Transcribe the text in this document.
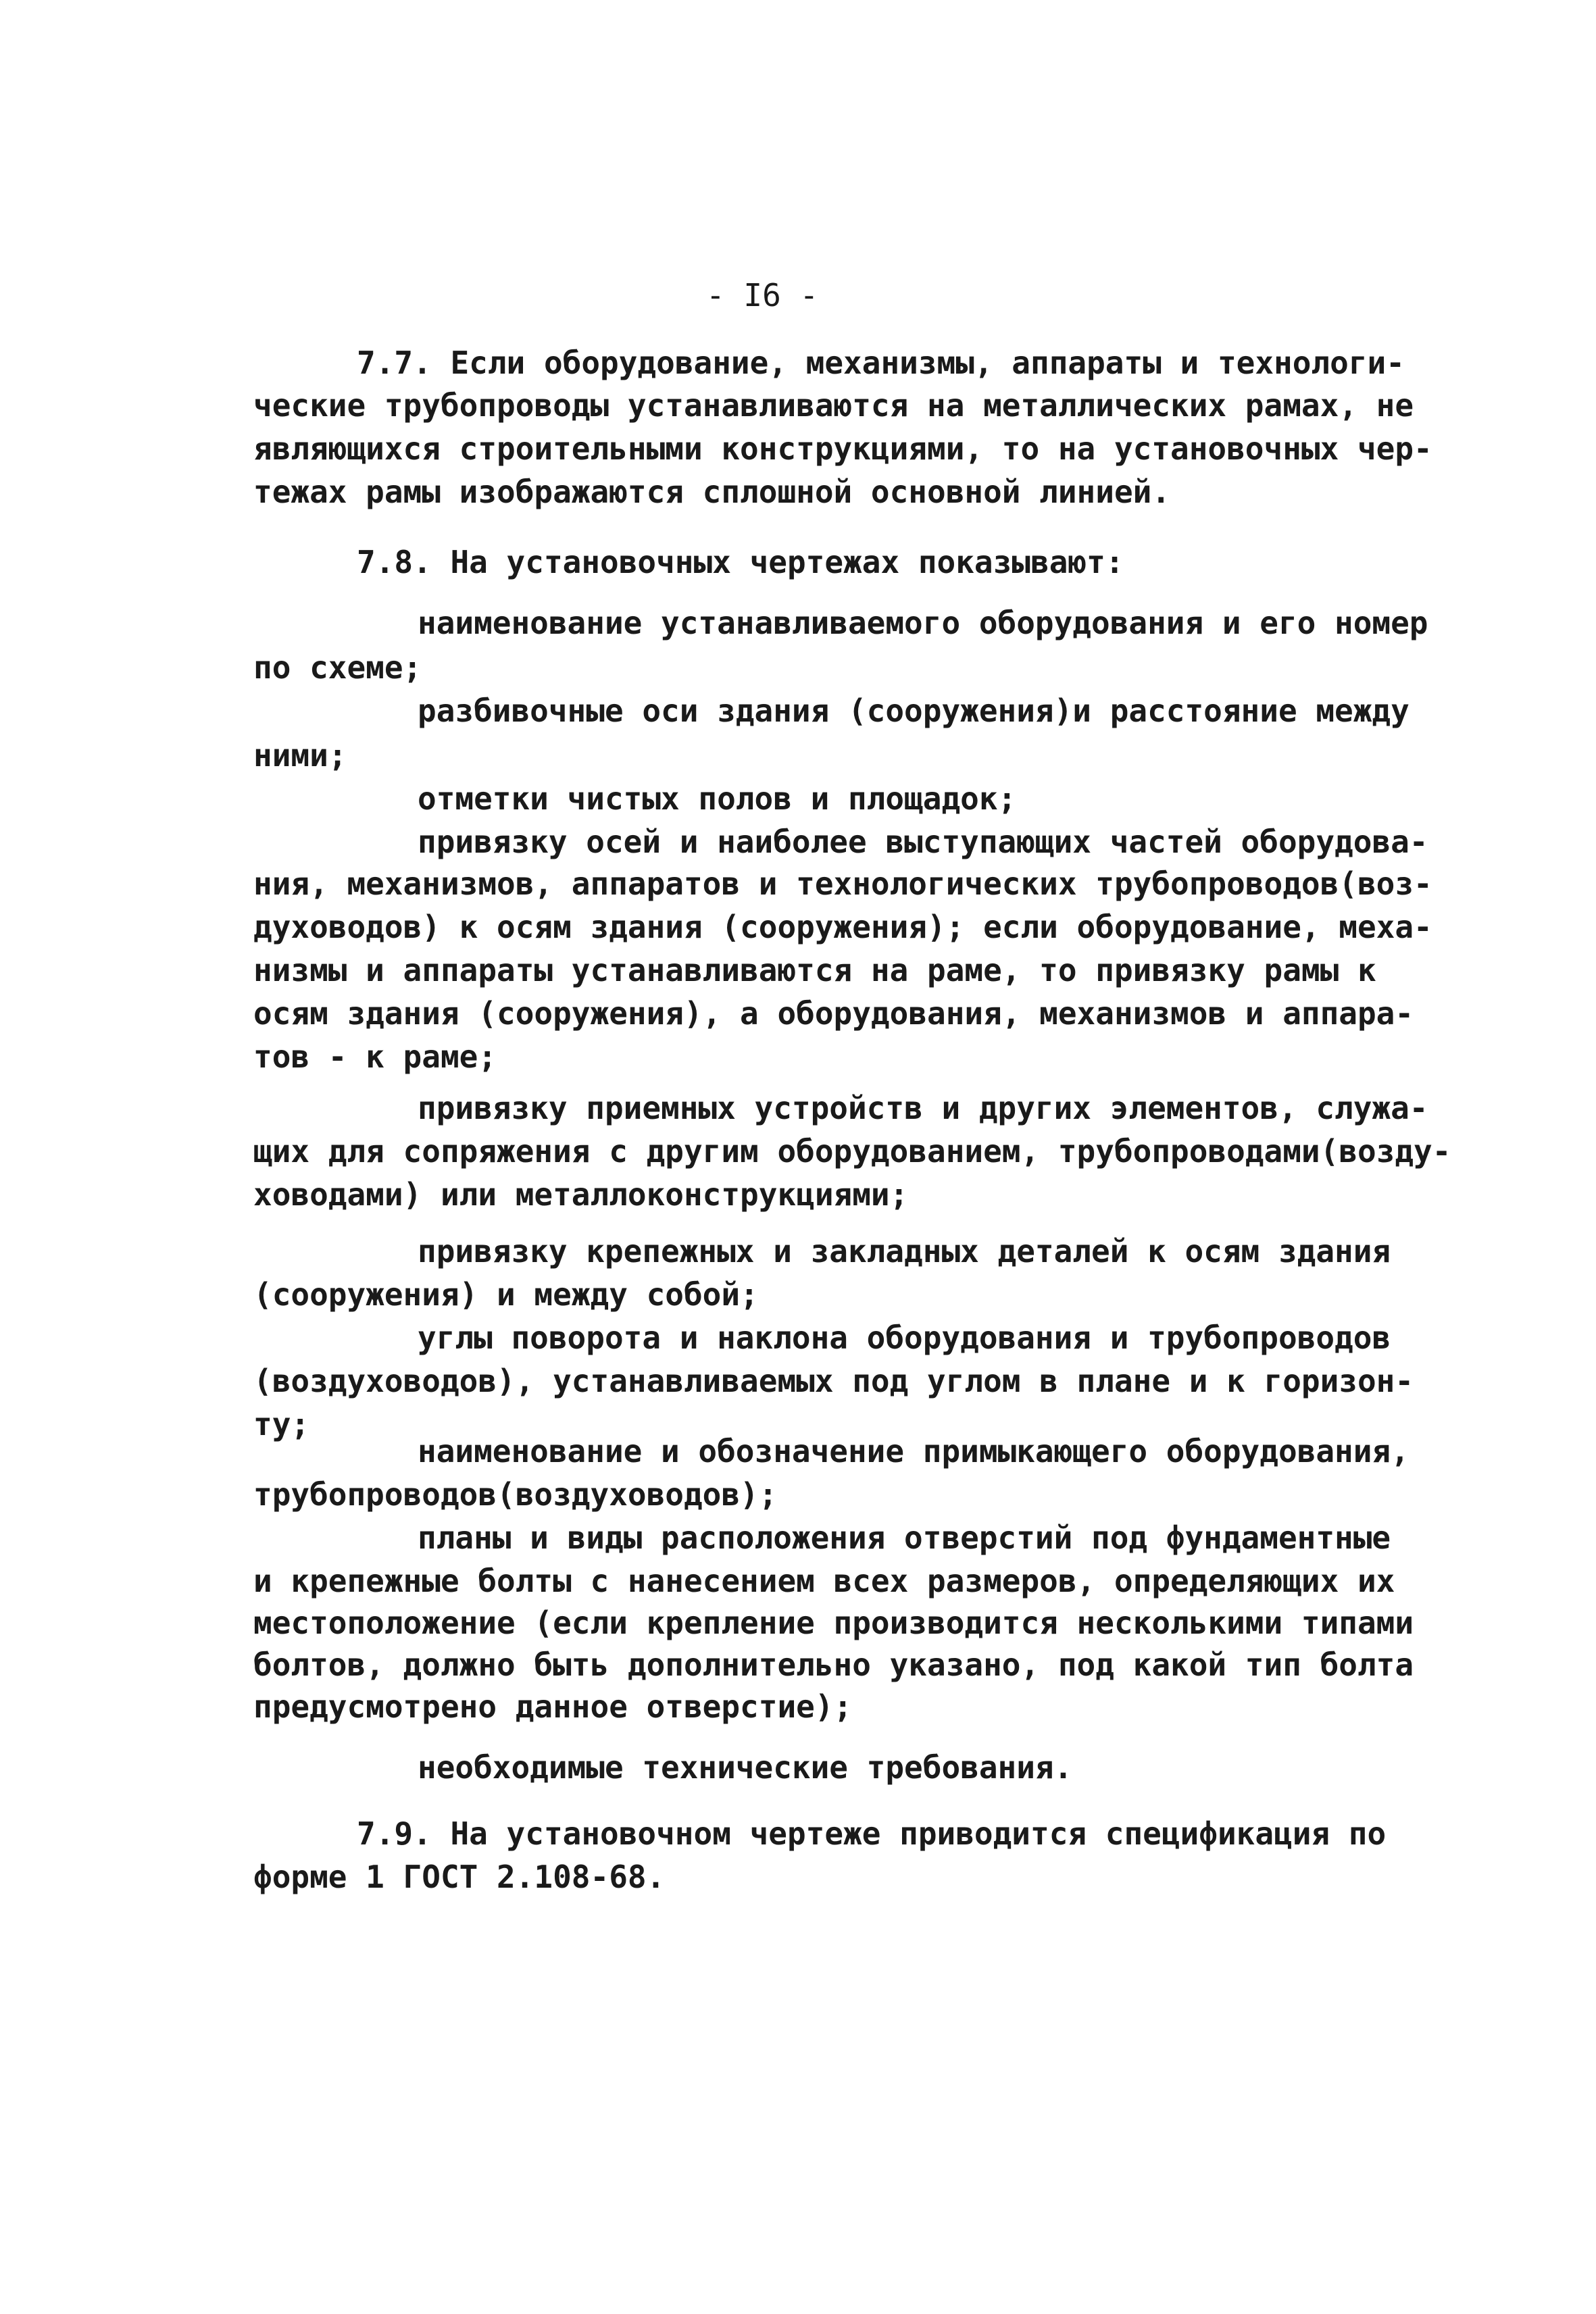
- I6 -
7.7. Если оборудование, механизмы, аппараты и технологи-
ческие трубопроводы устанавливаются на металлических рамах, не
являющихся строительными конструкциями, то на установочных чер-
тежах рамы изображаются сплошной основной линией.
7.8. На установочных чертежах показывают:
наименование устанавливаемого оборудования и его номер
по схеме;
разбивочные оси здания (сооружения)и расстояние между
ними;
отметки чистых полов и площадок;
привязку осей и наиболее выступающих частей оборудова-
ния, механизмов, аппаратов и технологических трубопроводов(воз-
духоводов) к осям здания (сооружения); если оборудование, меха-
низмы и аппараты устанавливаются на раме, то привязку рамы к
осям здания (сооружения), а оборудования, механизмов и аппара-
тов - к раме;
привязку приемных устройств и других элементов, служа-
щих для сопряжения с другим оборудованием, трубопроводами(возду-
ховодами) или металлоконструкциями;
привязку крепежных и закладных деталей к осям здания
(сооружения) и между собой;
углы поворота и наклона оборудования и трубопроводов
(воздуховодов), устанавливаемых под углом в плане и к горизон-
ту;
наименование и обозначение примыкающего оборудования,
трубопроводов(воздуховодов);
планы и виды расположения отверстий под фундаментные
и крепежные болты с нанесением всех размеров, определяющих их
местоположение (если крепление производится несколькими типами
болтов, должно быть дополнительно указано, под какой тип болта
предусмотрено данное отверстие);
необходимые технические требования.
7.9. На установочном чертеже приводится спецификация по
форме 1 ГОСТ 2.108-68.
